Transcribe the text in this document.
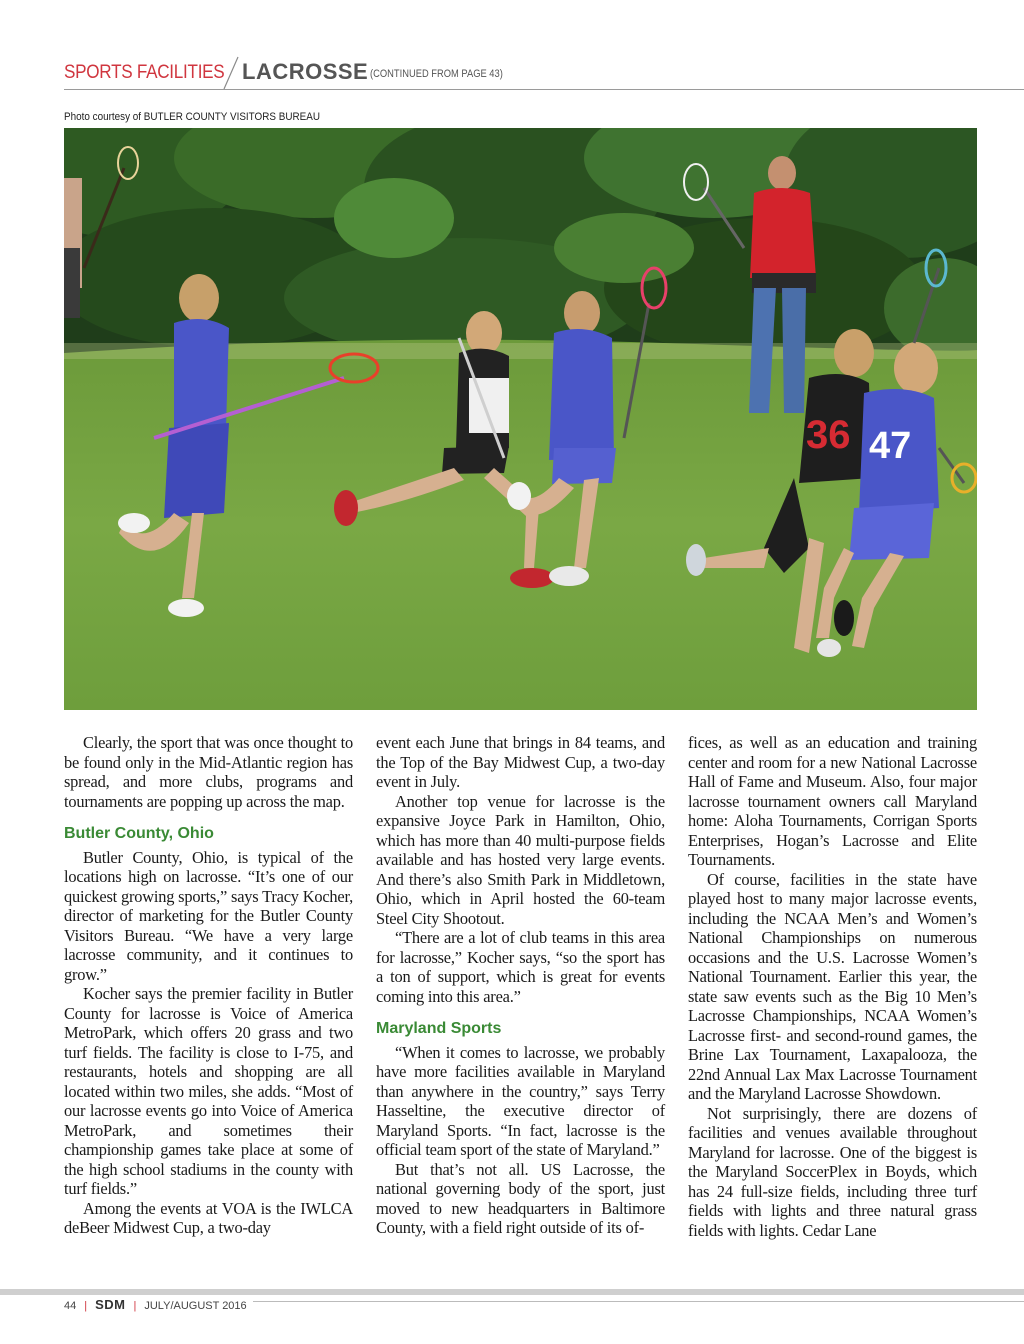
SPORTS FACILITIES LACROSSE (CONTINUED FROM PAGE 43)
Photo courtesy of BUTLER COUNTY VISITORS BUREAU
36 47

Clearly, the sport that was once thought to be found only in the Mid-Atlantic region has spread, and more clubs, programs and tournaments are popping up across the map.

Butler County, Ohio

Butler County, Ohio, is typical of the locations high on lacrosse. “It’s one of our quickest growing sports,” says Tracy Kocher, director of marketing for the Butler County Visitors Bureau. “We have a very large lacrosse community, and it continues to grow.”

Kocher says the premier facility in Butler County for lacrosse is Voice of America MetroPark, which offers 20 grass and two turf fields. The facility is close to I-75, and restaurants, hotels and shopping are all located within two miles, she adds. “Most of our lacrosse events go into Voice of America MetroPark, and sometimes their championship games take place at some of the high school stadiums in the county with turf fields.”

Among the events at VOA is the IWLCA deBeer Midwest Cup, a two-day

event each June that brings in 84 teams, and the Top of the Bay Midwest Cup, a two-day event in July.

Another top venue for lacrosse is the expansive Joyce Park in Hamilton, Ohio, which has more than 40 multi-purpose fields available and has hosted very large events. And there’s also Smith Park in Middletown, Ohio, which in April hosted the 60-team Steel City Shootout.

“There are a lot of club teams in this area for lacrosse,” Kocher says, “so the sport has a ton of support, which is great for events coming into this area.”

Maryland Sports

“When it comes to lacrosse, we probably have more facilities available in Maryland than anywhere in the country,” says Terry Hasseltine, the executive director of Maryland Sports. “In fact, lacrosse is the official team sport of the state of Maryland.”

But that’s not all. US Lacrosse, the national governing body of the sport, just moved to new headquarters in Baltimore County, with a field right outside of its of-

fices, as well as an education and training center and room for a new National Lacrosse Hall of Fame and Museum. Also, four major lacrosse tournament owners call Maryland home: Aloha Tournaments, Corrigan Sports Enterprises, Hogan’s Lacrosse and Elite Tournaments.

Of course, facilities in the state have played host to many major lacrosse events, including the NCAA Men’s and Women’s National Championships on numerous occasions and the U.S. Lacrosse Women’s National Tournament. Earlier this year, the state saw events such as the Big 10 Men’s Lacrosse Championships, NCAA Women’s Lacrosse first- and second-round games, the Brine Lax Tournament, Laxapalooza, the 22nd Annual Lax Max Lacrosse Tournament and the Maryland Lacrosse Showdown.

Not surprisingly, there are dozens of facilities and venues available throughout Maryland for lacrosse. One of the biggest is the Maryland SoccerPlex in Boyds, which has 24 full-size fields, including three turf fields with lights and three natural grass fields with lights. Cedar Lane

44 | SDM | JULY/AUGUST 2016
